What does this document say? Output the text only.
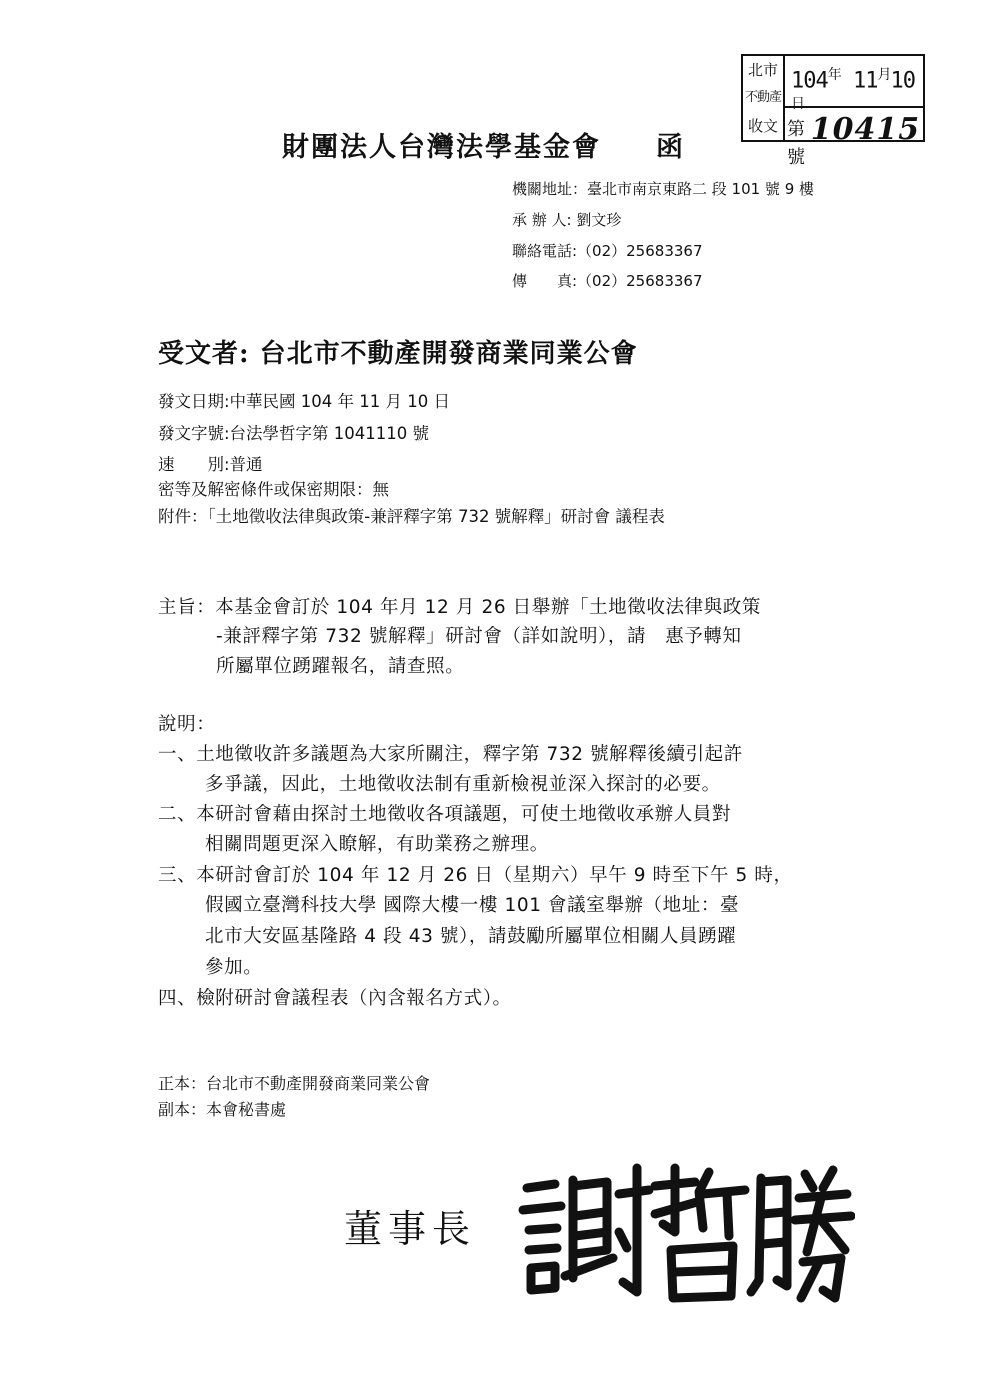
北市
不動產
收文
$104^年$ $11^月10^日$
第 10415 號
財團法人台灣法學基金會 函
機關地址：臺北市南京東路二 段 101 號 9 樓
承 辦 人: 劉文珍
聯絡電話:（02）25683367
傳　　真:（02）25683367
受文者: 台北市不動產開發商業同業公會
發文日期:中華民國 104 年 11 月 10 日
發文字號:台法學哲字第 1041110 號
速　　別:普通
密等及解密條件或保密期限：無
附件：「土地徵收法律與政策-兼評釋字第 732 號解釋」研討會 議程表
主旨：本基金會訂於 104 年月 12 月 26 日舉辦「土地徵收法律與政策
-兼評釋字第 732 號解釋」研討會（詳如說明），請　惠予轉知
所屬單位踴躍報名，請查照。
說明：
一、土地徵收許多議題為大家所關注，釋字第 732 號解釋後續引起許
多爭議，因此，土地徵收法制有重新檢視並深入探討的必要。
二、本研討會藉由探討土地徵收各項議題，可使土地徵收承辦人員對
相關問題更深入瞭解，有助業務之辦理。
三、本研討會訂於 104 年 12 月 26 日（星期六）早午 9 時至下午 5 時，
假國立臺灣科技大學 國際大樓一樓 101 會議室舉辦（地址：臺
北市大安區基隆路 4 段 43 號），請鼓勵所屬單位相關人員踴躍
參加。
四、檢附研討會議程表（內含報名方式）。
正本：台北市不動產開發商業同業公會
副本：本會秘書處
董事長
